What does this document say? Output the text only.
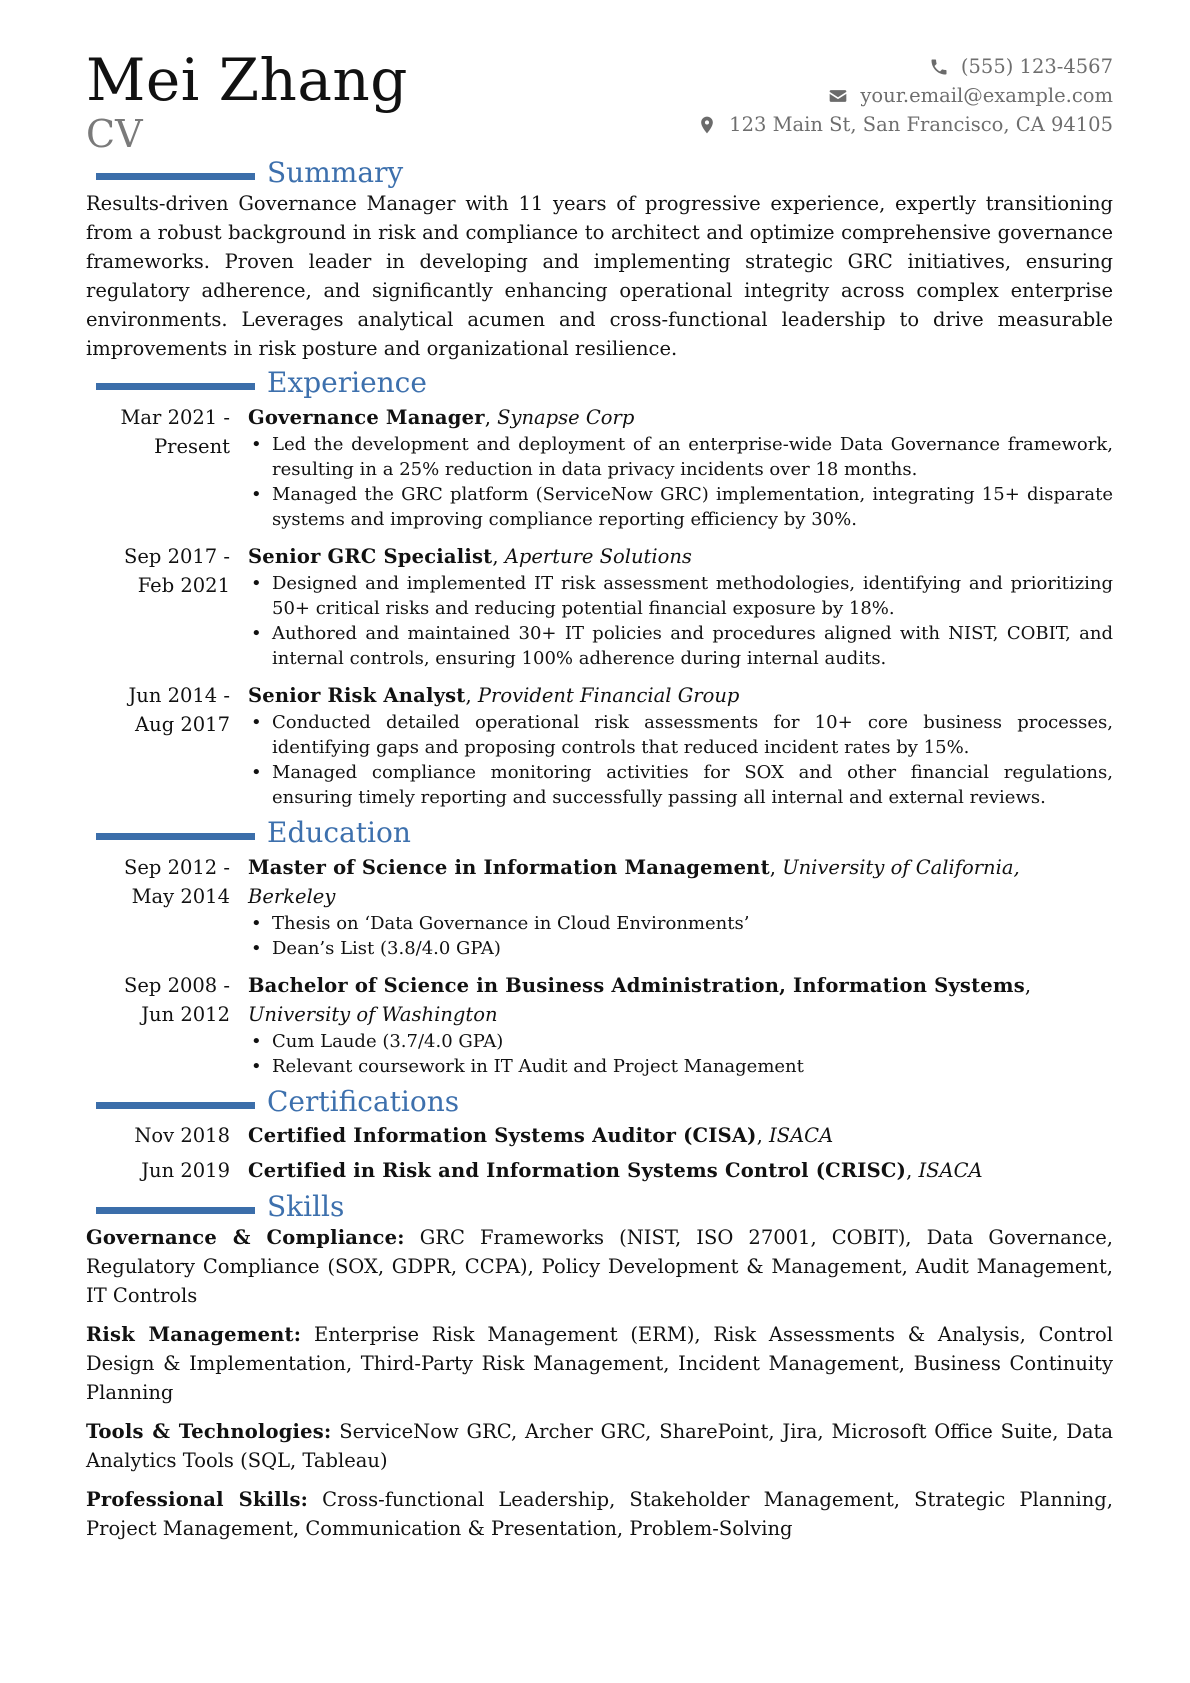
Mei Zhang
CV
(555) 123-4567
your.email@example.com
123 Main St, San Francisco, CA 94105
Summary

Results-driven Governance Manager with 11 years of progressive experience, expertly transitioning from a robust background in risk and compliance to architect and optimize comprehensive governance frameworks. Proven leader in developing and implementing strategic GRC initiatives, ensuring regulatory adherence, and significantly enhancing operational integrity across complex enterprise environments. Leverages analytical acumen and cross-functional leadership to drive measurable improvements in risk posture and organizational resilience.

Experience
Mar 2021 - Present
Governance Manager, Synapse Corp
• Led the development and deployment of an enterprise-wide Data Governance framework, resulting in a 25% reduction in data privacy incidents over 18 months.
• Managed the GRC platform (ServiceNow GRC) implementation, integrating 15+ disparate systems and improving compliance reporting efficiency by 30%.
Sep 2017 - Feb 2021
Senior GRC Specialist, Aperture Solutions
• Designed and implemented IT risk assessment methodologies, identifying and prioritizing 50+ critical risks and reducing potential financial exposure by 18%.
• Authored and maintained 30+ IT policies and procedures aligned with NIST, COBIT, and internal controls, ensuring 100% adherence during internal audits.
Jun 2014 - Aug 2017
Senior Risk Analyst, Provident Financial Group
• Conducted detailed operational risk assessments for 10+ core business processes, identifying gaps and proposing controls that reduced incident rates by 15%.
• Managed compliance monitoring activities for SOX and other financial regulations, ensuring timely reporting and successfully passing all internal and external reviews.
Education
Sep 2012 - May 2014
Master of Science in Information Management, University of California, Berkeley
• Thesis on ‘Data Governance in Cloud Environments’
• Dean’s List (3.8/4.0 GPA)
Sep 2008 - Jun 2012
Bachelor of Science in Business Administration, Information Systems, University of Washington
• Cum Laude (3.7/4.0 GPA)
• Relevant coursework in IT Audit and Project Management
Certifications
Nov 2018 Certified Information Systems Auditor (CISA), ISACA
Jun 2019 Certified in Risk and Information Systems Control (CRISC), ISACA
Skills

Governance & Compliance: GRC Frameworks (NIST, ISO 27001, COBIT), Data Governance, Regulatory Compliance (SOX, GDPR, CCPA), Policy Development & Management, Audit Management, IT Controls

Risk Management: Enterprise Risk Management (ERM), Risk Assessments & Analysis, Control Design & Implementation, Third-Party Risk Management, Incident Management, Business Continuity Planning

Tools & Technologies: ServiceNow GRC, Archer GRC, SharePoint, Jira, Microsoft Office Suite, Data Analytics Tools (SQL, Tableau)

Professional Skills: Cross-functional Leadership, Stakeholder Management, Strategic Planning, Project Management, Communication & Presentation, Problem-Solving
